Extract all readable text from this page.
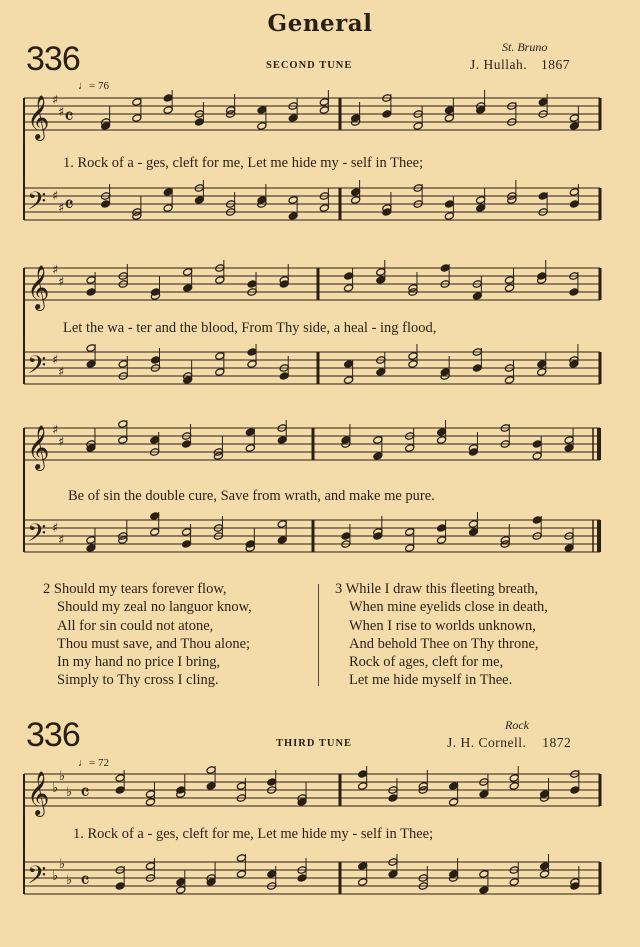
General
336	SECOND TUNE
St. Bruno
J. Hullah. 1867
♩= 76
𝄞
𝄢
𝄞
𝄢
𝄞
𝄢
𝄞
𝄢
♯
♯
♯
♯
♯
♯
♯
♯
♯
♯
♯
♯
♭
♭
♭
♭
♭
♭
𝄴
𝄴
𝄴
𝄴
1. Rock of a - ges, cleft for me, Let me hide my - self in Thee;
Let the wa - ter and the blood, From Thy side, a heal - ing flood,
Be of sin the double cure, Save from wrath, and make me pure.
2 Should my tears forever flow,
Should my zeal no languor know,
All for sin could not atone,
Thou must save, and Thou alone;
In my hand no price I bring,
Simply to Thy cross I cling.
3 While I draw this fleeting breath,
When mine eyelids close in death,
When I rise to worlds unknown,
And behold Thee on Thy throne,
Rock of ages, cleft for me,
Let me hide myself in Thee.
336	THIRD TUNE
Rock
J. H. Cornell. 1872
♩= 72
1. Rock of a - ges, cleft for me, Let me hide my - self in Thee;
